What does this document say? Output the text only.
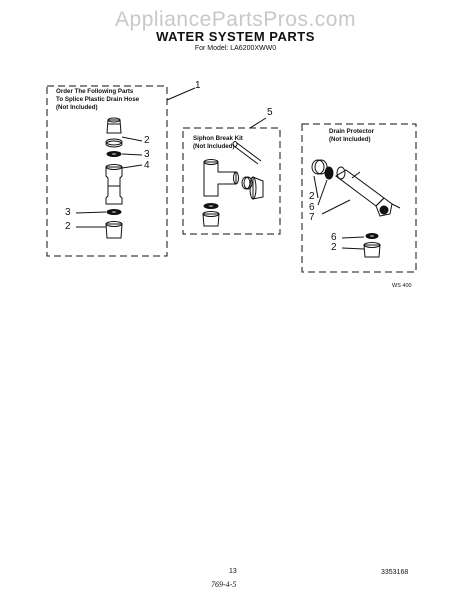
AppliancePartsPros.com
WATER SYSTEM PARTS
For Model: LA6200XWW0
Order The Following Parts
To Splice Plastic Drain Hose
(Not Included)
1
2
3
4
3
2
Siphon Break Kit
(Not Included)
5
Drain Protector
(Not Included)
2
6
7
6
2
WS 400
13	3353168
769-4-5
